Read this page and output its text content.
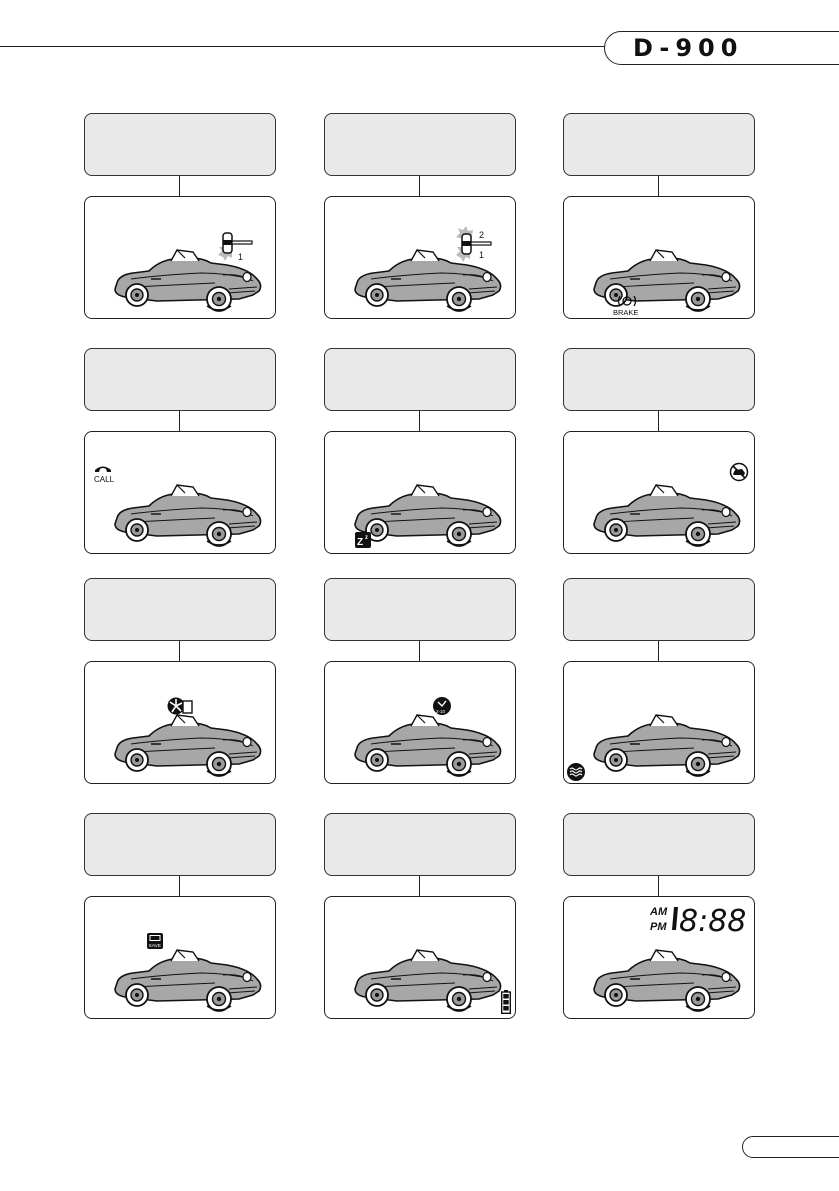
D-900
1
2
1
BRAKE
CALL
Z z
2-10
SAVE
AM
PM 8:88
